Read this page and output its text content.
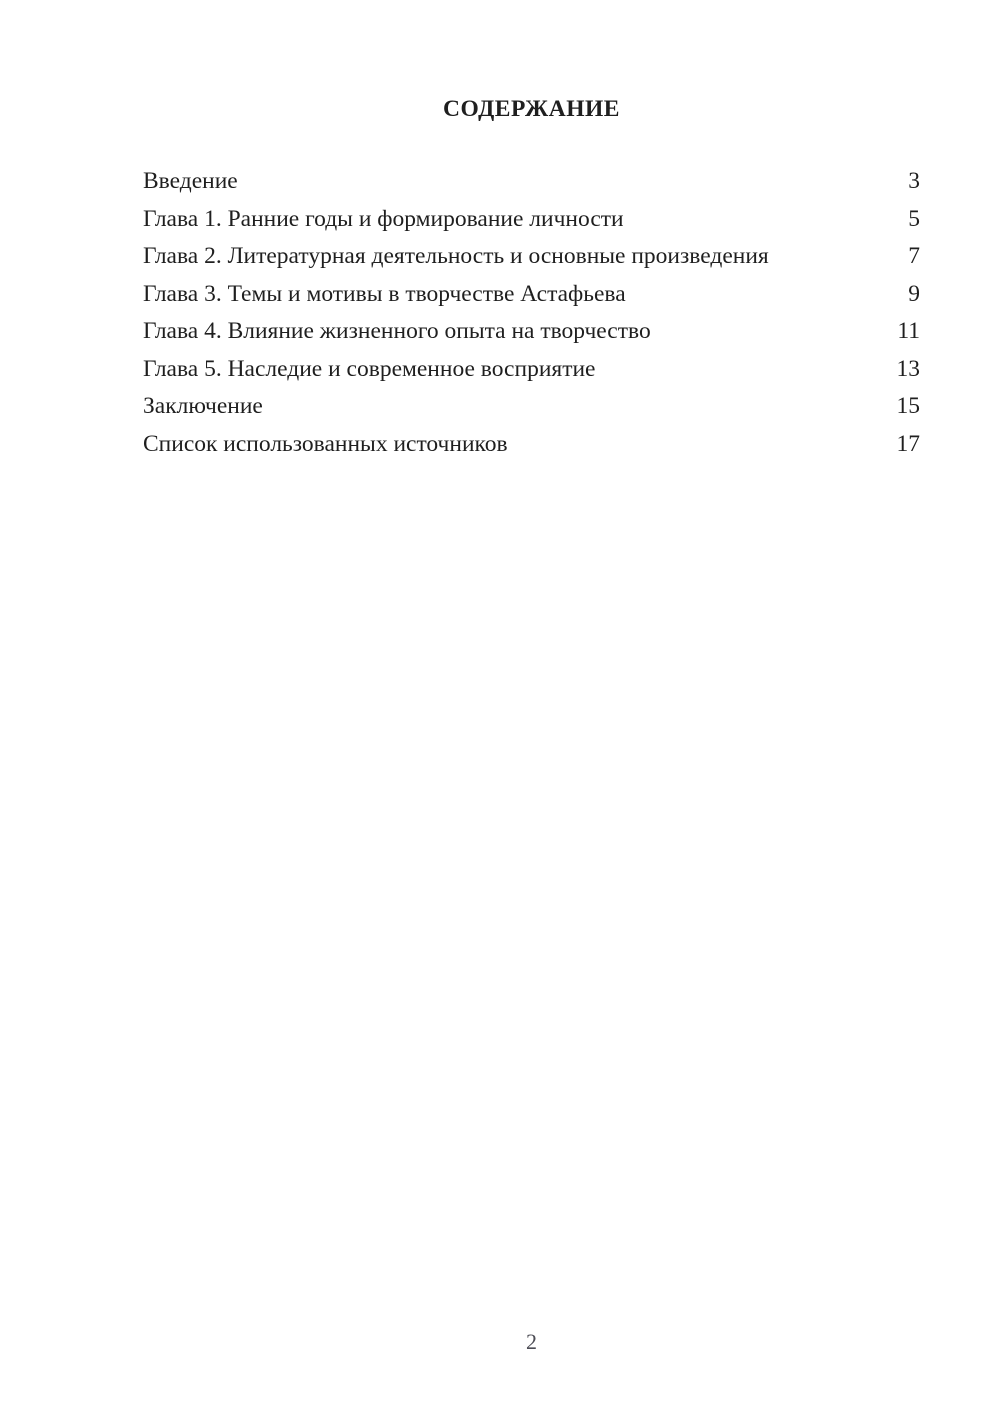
СОДЕРЖАНИЕ
Введение	3
Глава 1. Ранние годы и формирование личности	5
Глава 2. Литературная деятельность и основные произведения	7
Глава 3. Темы и мотивы в творчестве Астафьева	9
Глава 4. Влияние жизненного опыта на творчество	11
Глава 5. Наследие и современное восприятие	13
Заключение	15
Список использованных источников	17
2
